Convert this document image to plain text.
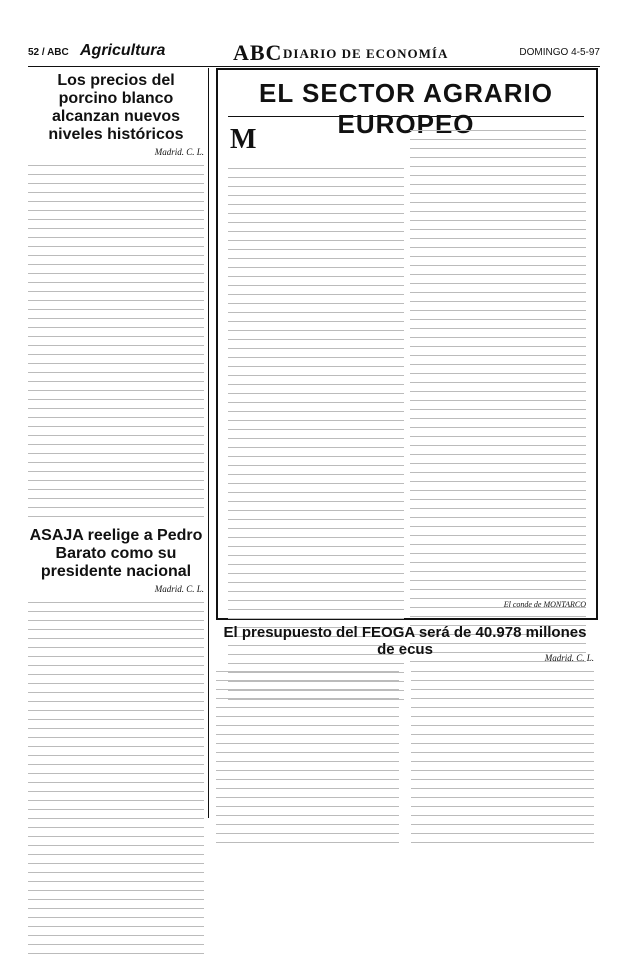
52 / ABC Agricultura	ABC DIARIO DE ECONOMÍA	DOMINGO 4-5-97
Los precios del porcino blanco alcanzan nuevos niveles históricos
Madrid. C. L.
ASAJA reelige a Pedro Barato como su presidente nacional
Madrid. C. L.
EL SECTOR AGRARIO EUROPEO
M
El conde de MONTARCO
El presupuesto del FEOGA será de 40.978 millones de ecus	Madrid. C. L.
